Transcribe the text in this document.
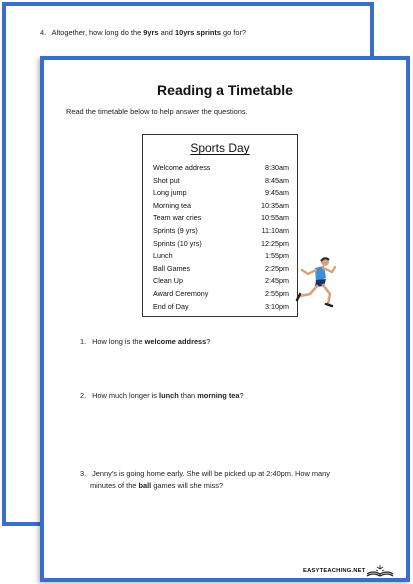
4. Altogether, how long do the 9yrs and 10yrs sprints go for?
Reading a Timetable
Read the timetable below to help answer the questions.
Sports Day
Welcome address	8:30am
Shot put	8:45am
Long jump	9:45am
Morning tea	10:35am
Team war cries	10:55am
Sprints (9 yrs)	11:10am
Sprints (10 yrs)	12:25pm
Lunch	1:55pm
Ball Games	2:25pm
Clean Up	2:45pm
Award Ceremony	2:55pm
End of Day	3:10pm
1. How long is the welcome address?
2. How much longer is lunch than morning tea?
3. Jenny's is going home early. She will be picked up at 2:40pm. How many
minutes of the ball games will she miss?
EASYTEACHING.NET
